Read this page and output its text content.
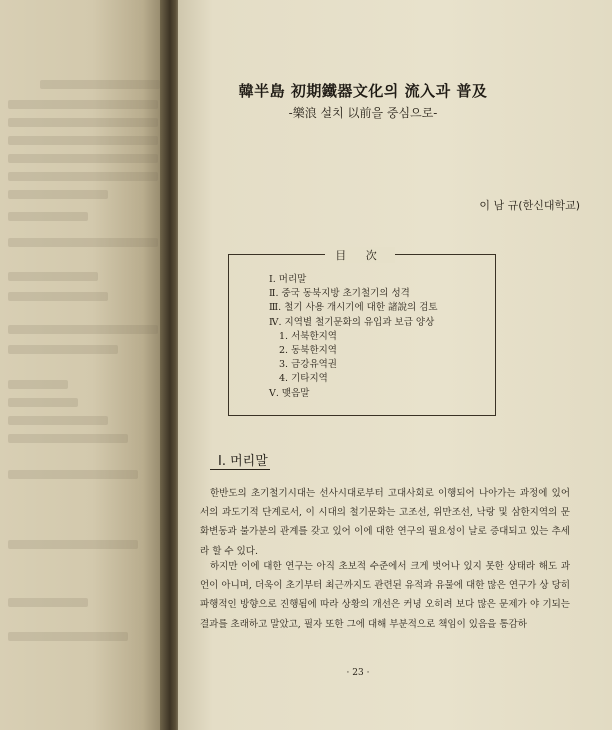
韓半島 初期鐵器文化의 流入과 普及
-樂浪 설치 以前을 중심으로-
이 남 규(한신대학교)
目 次
Ⅰ. 머리말
Ⅱ. 중국 동북지방 초기철기의 성격
Ⅲ. 철기 사용 개시기에 대한 諸說의 검토
Ⅳ. 지역별 철기문화의 유입과 보급 양상
1. 서북한지역
2. 동북한지역
3. 금강유역권
4. 기타지역
Ⅴ. 맺음말
Ⅰ. 머리말

한반도의 초기철기시대는 선사시대로부터 고대사회로 이행되어 나아가는 과정에 있어 서의 과도기적 단계로서, 이 시대의 철기문화는 고조선, 위만조선, 낙랑 및 삼한지역의 문화변동과 불가분의 관계를 갖고 있어 이에 대한 연구의 필요성이 날로 증대되고 있는 추세라 할 수 있다.

하지만 이에 대한 연구는 아직 초보적 수준에서 크게 벗어나 있지 못한 상태라 해도 과언이 아니며, 더욱이 초기부터 최근까지도 관련된 유적과 유물에 대한 많은 연구가 상 당히 파행적인 방향으로 진행됨에 따라 상황의 개선은 커녕 오히려 보다 많은 문제가 야 기되는 결과를 초래하고 말았고, 필자 또한 그에 대해 부분적으로 책임이 있음을 통감하

· 23 ·
